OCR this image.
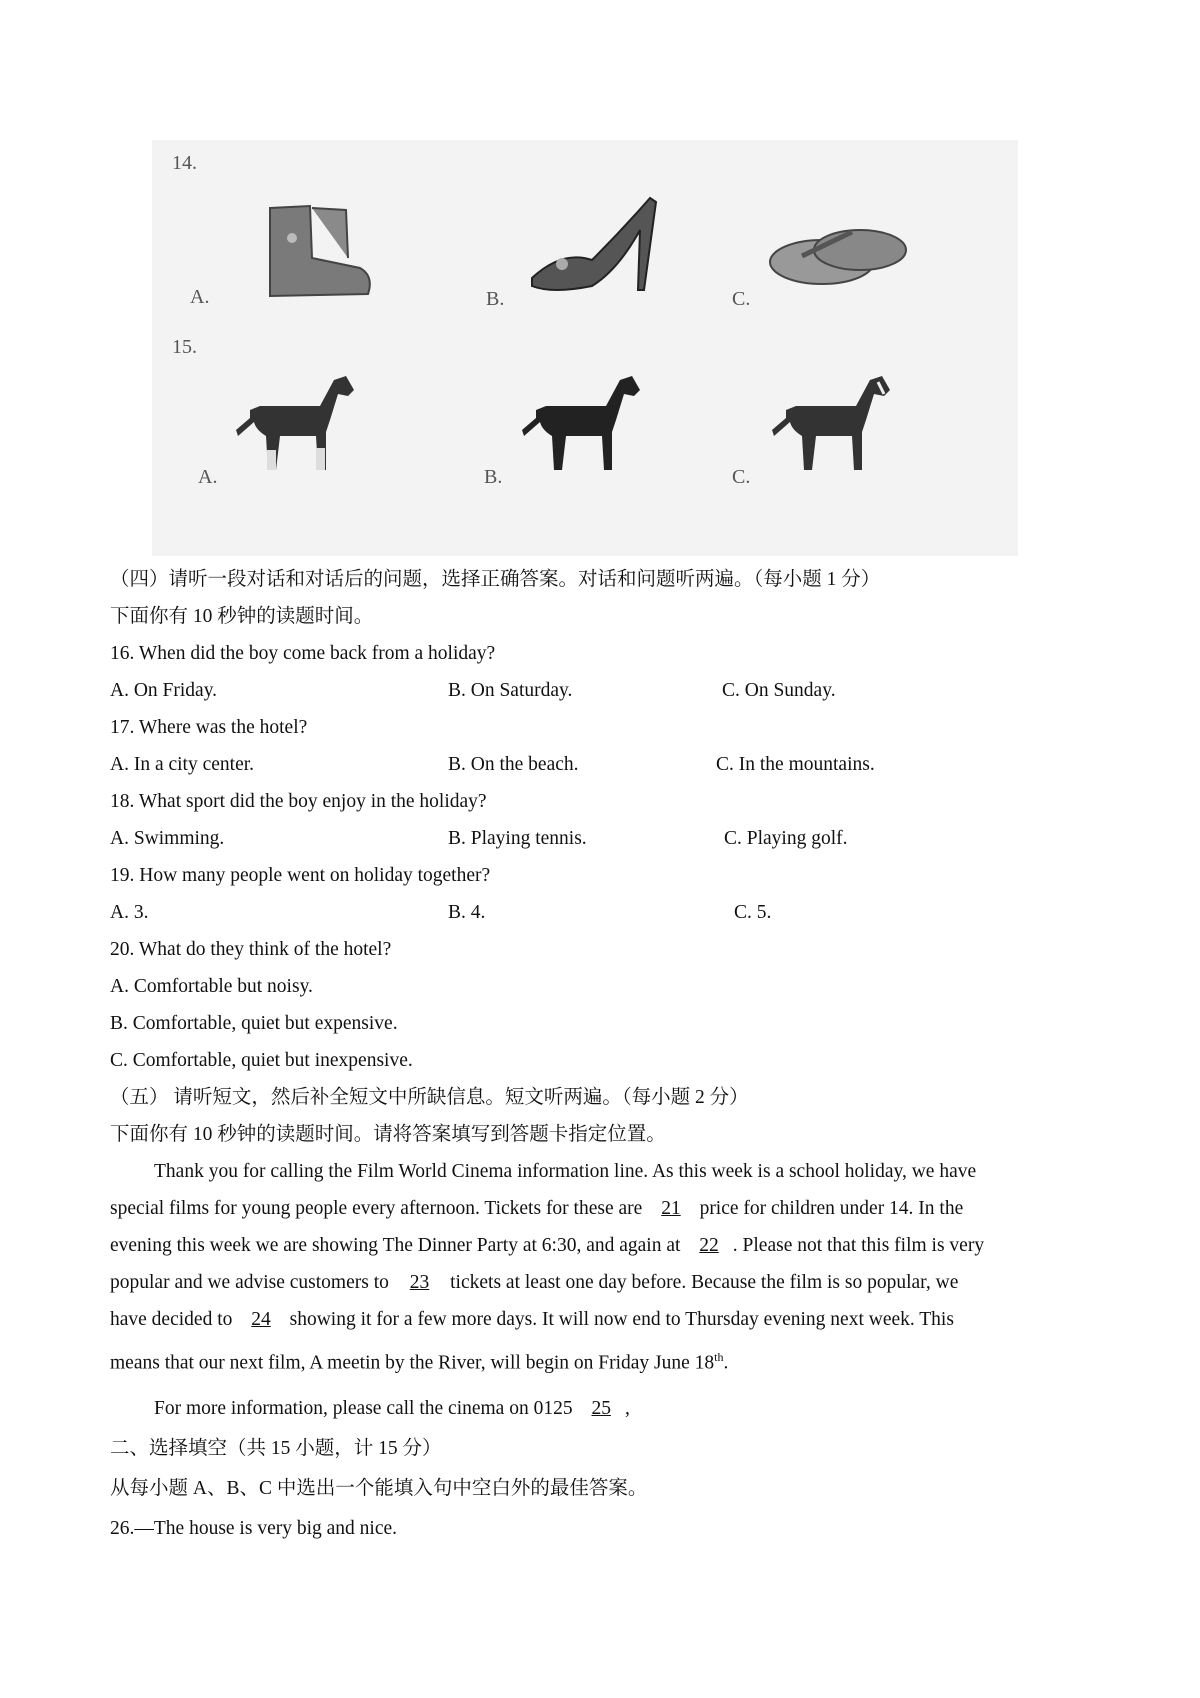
14.
A.	B.	C.
15.
A.	B.	C.
（四）请听一段对话和对话后的问题，选择正确答案。对话和问题听两遍。（每小题 1 分）
下面你有 10 秒钟的读题时间。
16. When did the boy come back from a holiday?
A. On Friday.	B. On Saturday.	C. On Sunday.
17. Where was the hotel?
A. In a city center.	B. On the beach.	C. In the mountains.
18. What sport did the boy enjoy in the holiday?
A. Swimming.	B. Playing tennis.	C. Playing golf.
19. How many people went on holiday together?
A. 3.	B. 4.	C. 5.
20. What do they think of the hotel?
A. Comfortable but noisy.
B. Comfortable, quiet but expensive.
C. Comfortable, quiet but inexpensive.
（五） 请听短文，然后补全短文中所缺信息。短文听两遍。（每小题 2 分）
下面你有 10 秒钟的读题时间。请将答案填写到答题卡指定位置。
Thank you for calling the Film World Cinema information line. As this week is a school holiday, we have
special films for young people every afternoon. Tickets for these are 21 price for children under 14. In the
evening this week we are showing The Dinner Party at 6:30, and again at 22 . Please not that this film is very
popular and we advise customers to 23 tickets at least one day before. Because the film is so popular, we
have decided to 24 showing it for a few more days. It will now end to Thursday evening next week. This
means that our next film, A meetin by the River, will begin on Friday June 18th.
For more information, please call the cinema on 0125 25 ,
二、选择填空（共 15 小题，计 15 分）
从每小题 A、B、C 中选出一个能填入句中空白外的最佳答案。
26.—The house is very big and nice.
